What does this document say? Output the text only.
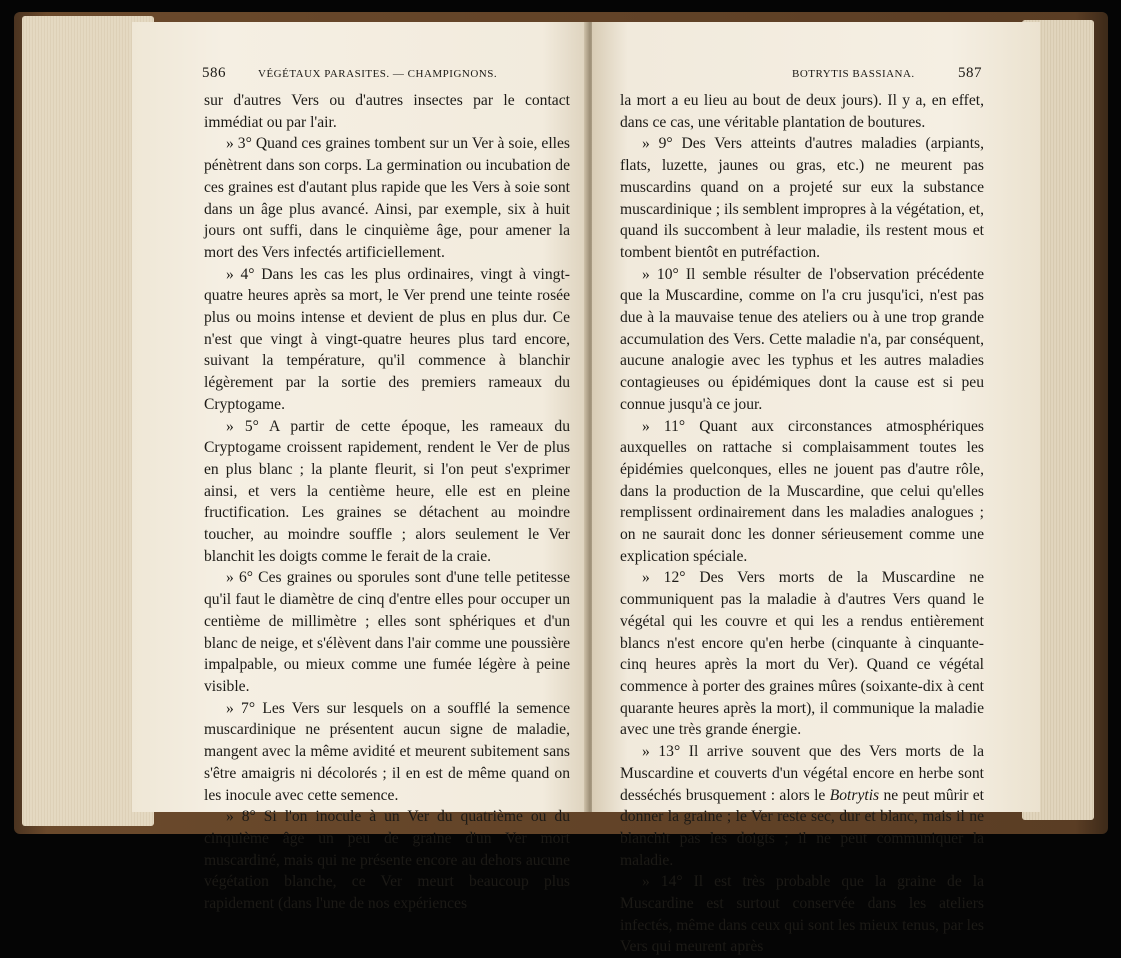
586	VÉGÉTAUX PARASITES. — CHAMPIGNONS.

sur d'autres Vers ou d'autres insectes par le contact immédiat ou par l'air.

» 3° Quand ces graines tombent sur un Ver à soie, elles pénètrent dans son corps. La germination ou incubation de ces graines est d'autant plus rapide que les Vers à soie sont dans un âge plus avancé. Ainsi, par exemple, six à huit jours ont suffi, dans le cinquième âge, pour amener la mort des Vers infectés artificiellement.

» 4° Dans les cas les plus ordinaires, vingt à vingt-quatre heures après sa mort, le Ver prend une teinte rosée plus ou moins intense et devient de plus en plus dur. Ce n'est que vingt à vingt-quatre heures plus tard encore, suivant la température, qu'il commence à blanchir légèrement par la sortie des premiers rameaux du Cryptogame.

» 5° A partir de cette époque, les rameaux du Cryptogame croissent rapidement, rendent le Ver de plus en plus blanc ; la plante fleurit, si l'on peut s'exprimer ainsi, et vers la centième heure, elle est en pleine fructification. Les graines se détachent au moindre toucher, au moindre souffle ; alors seulement le Ver blanchit les doigts comme le ferait de la craie.

» 6° Ces graines ou sporules sont d'une telle petitesse qu'il faut le diamètre de cinq d'entre elles pour occuper un centième de millimètre ; elles sont sphériques et d'un blanc de neige, et s'élèvent dans l'air comme une poussière impalpable, ou mieux comme une fumée légère à peine visible.

» 7° Les Vers sur lesquels on a soufflé la semence muscardinique ne présentent aucun signe de maladie, mangent avec la même avidité et meurent subitement sans s'être amaigris ni décolorés ; il en est de même quand on les inocule avec cette semence.

» 8° Si l'on inocule à un Ver du quatrième ou du cinquième âge un peu de graine d'un Ver mort muscardiné, mais qui ne présente encore au dehors aucune végétation blanche, ce Ver meurt beaucoup plus rapidement (dans l'une de nos expériences

BOTRYTIS BASSIANA.	587

la mort a eu lieu au bout de deux jours). Il y a, en effet, dans ce cas, une véritable plantation de boutures.

» 9° Des Vers atteints d'autres maladies (arpiants, flats, luzette, jaunes ou gras, etc.) ne meurent pas muscardins quand on a projeté sur eux la substance muscardinique ; ils semblent impropres à la végétation, et, quand ils succombent à leur maladie, ils restent mous et tombent bientôt en putréfaction.

» 10° Il semble résulter de l'observation précédente que la Muscardine, comme on l'a cru jusqu'ici, n'est pas due à la mauvaise tenue des ateliers ou à une trop grande accumulation des Vers. Cette maladie n'a, par conséquent, aucune analogie avec les typhus et les autres maladies contagieuses ou épidémiques dont la cause est si peu connue jusqu'à ce jour.

» 11° Quant aux circonstances atmosphériques auxquelles on rattache si complaisamment toutes les épidémies quelconques, elles ne jouent pas d'autre rôle, dans la production de la Muscardine, que celui qu'elles remplissent ordinairement dans les maladies analogues ; on ne saurait donc les donner sérieusement comme une explication spéciale.

» 12° Des Vers morts de la Muscardine ne communiquent pas la maladie à d'autres Vers quand le végétal qui les couvre et qui les a rendus entièrement blancs n'est encore qu'en herbe (cinquante à cinquante-cinq heures après la mort du Ver). Quand ce végétal commence à porter des graines mûres (soixante-dix à cent quarante heures après la mort), il communique la maladie avec une très grande énergie.

» 13° Il arrive souvent que des Vers morts de la Muscardine et couverts d'un végétal encore en herbe sont desséchés brusquement : alors le Botrytis ne peut mûrir et donner la graine ; le Ver reste sec, dur et blanc, mais il ne blanchit pas les doigts ; il ne peut communiquer la maladie.

» 14° Il est très probable que la graine de la Muscardine est surtout conservée dans les ateliers infectés, même dans ceux qui sont les mieux tenus, par les Vers qui meurent après
